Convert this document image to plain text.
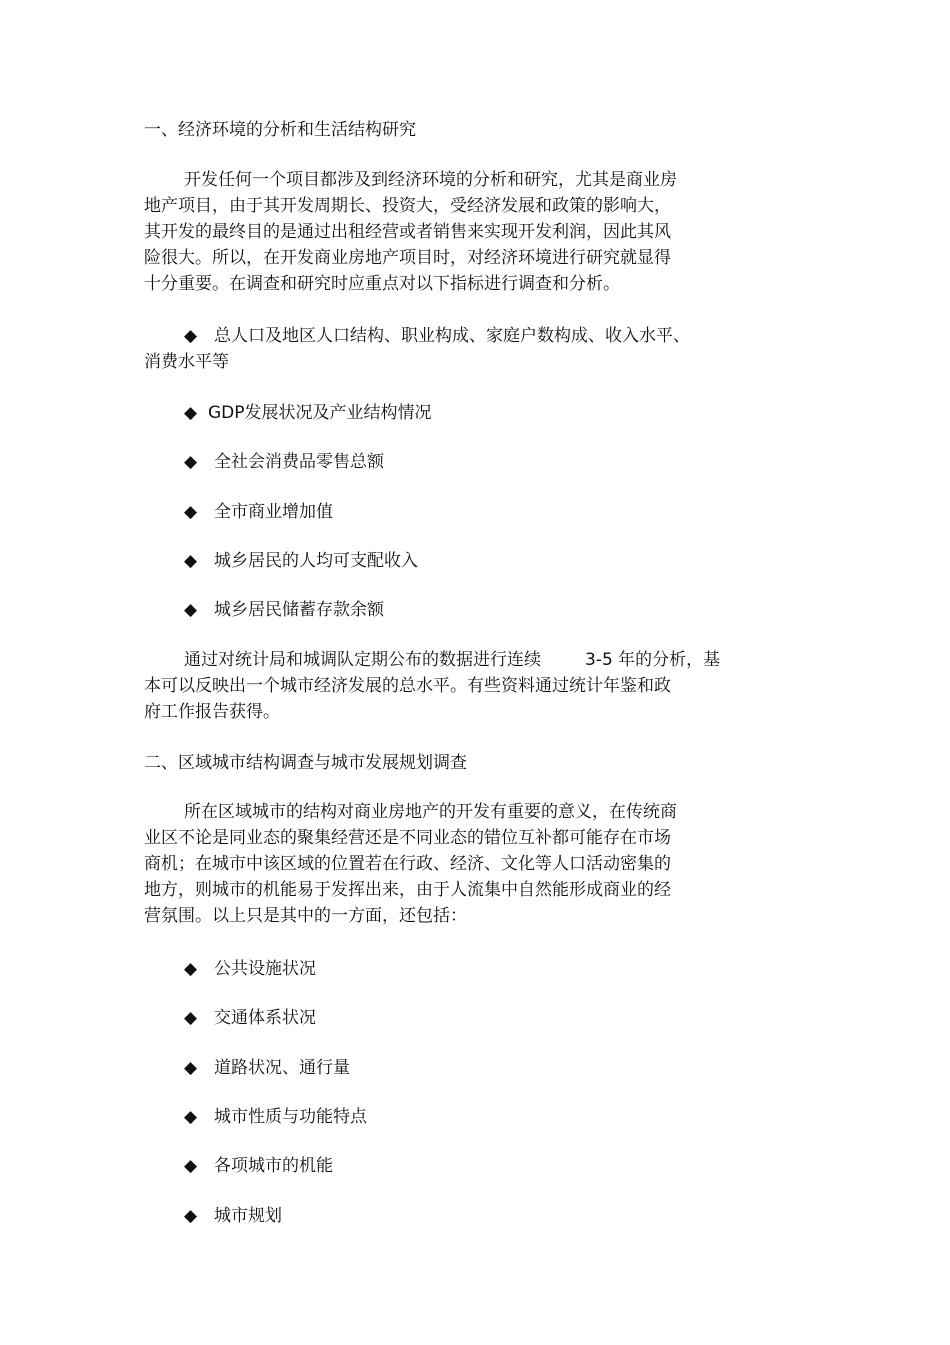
一、经济环境的分析和生活结构研究
开发任何一个项目都涉及到经济环境的分析和研究，尤其是商业房
地产项目，由于其开发周期长、投资大，受经济发展和政策的影响大，
其开发的最终目的是通过出租经营或者销售来实现开发利润，因此其风
险很大。所以，在开发商业房地产项目时，对经济环境进行研究就显得
十分重要。在调查和研究时应重点对以下指标进行调查和分析。
◆ 总人口及地区人口结构、职业构成、家庭户数构成、收入水平、
消费水平等
◆ GDP发展状况及产业结构情况
◆ 全社会消费品零售总额
◆ 全市商业增加值
◆ 城乡居民的人均可支配收入
◆ 城乡居民储蓄存款余额
通过对统计局和城调队定期公布的数据进行连续	3-5 年的分析，基
本可以反映出一个城市经济发展的总水平。有些资料通过统计年鉴和政
府工作报告获得。
二、区域城市结构调查与城市发展规划调查
所在区域城市的结构对商业房地产的开发有重要的意义，在传统商
业区不论是同业态的聚集经营还是不同业态的错位互补都可能存在市场
商机；在城市中该区域的位置若在行政、经济、文化等人口活动密集的
地方，则城市的机能易于发挥出来，由于人流集中自然能形成商业的经
营氛围。以上只是其中的一方面，还包括：
◆ 公共设施状况
◆ 交通体系状况
◆ 道路状况、通行量
◆ 城市性质与功能特点
◆ 各项城市的机能
◆ 城市规划
